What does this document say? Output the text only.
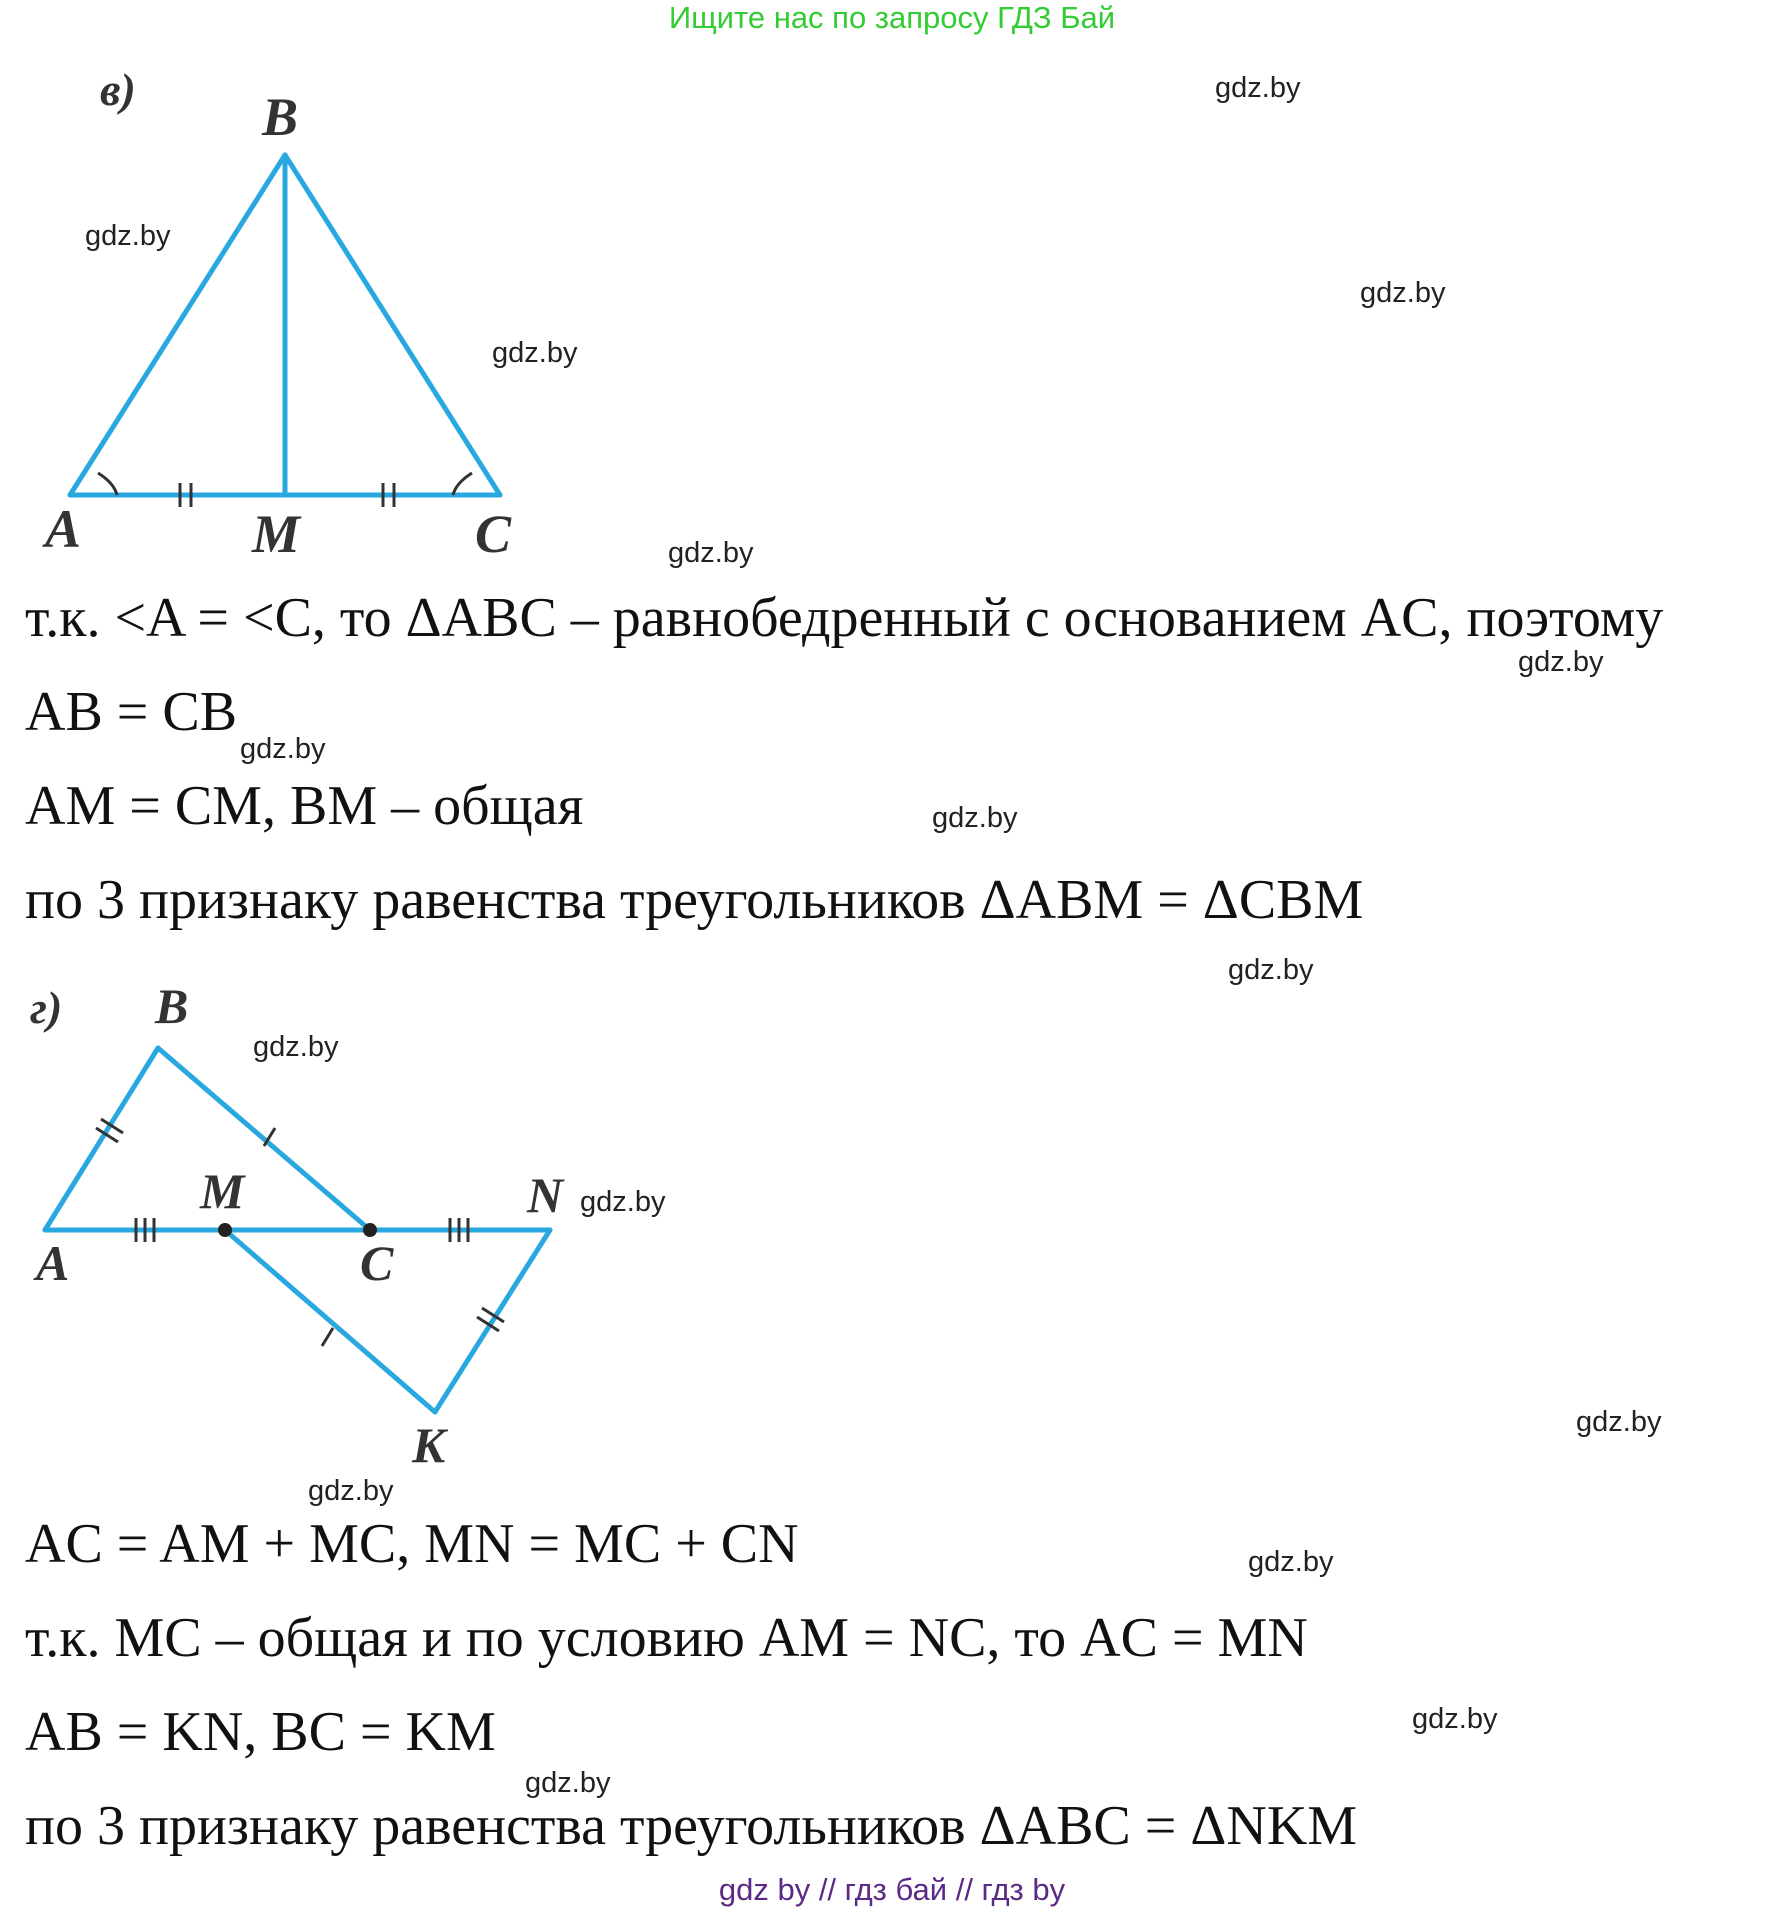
Ищите нас по запросу ГДЗ Бай
в) B
A	M	C
gdz.by
gdz.by
gdz.by
gdz.by
gdz.by
gdz.by
gdz.by
gdz.by
gdz.by
gdz.by
gdz.by
gdz.by
gdz.by
gdz.by
gdz.by
gdz.by
т.к. <A = <C, то ΔABC – равнобедренный с основанием AC, поэтому
AB = CB
AM = CM, BM – общая
по 3 признаку равенства треугольников ΔABM = ΔCBM
г) B
M	N
A	C
K
AC = AM + MC, MN = MC + CN
т.к. MC – общая и по условию AM = NC, то AC = MN
AB = KN, BC = KM
по 3 признаку равенства треугольников ΔABC = ΔNKM
gdz by // гдз бай // гдз by
